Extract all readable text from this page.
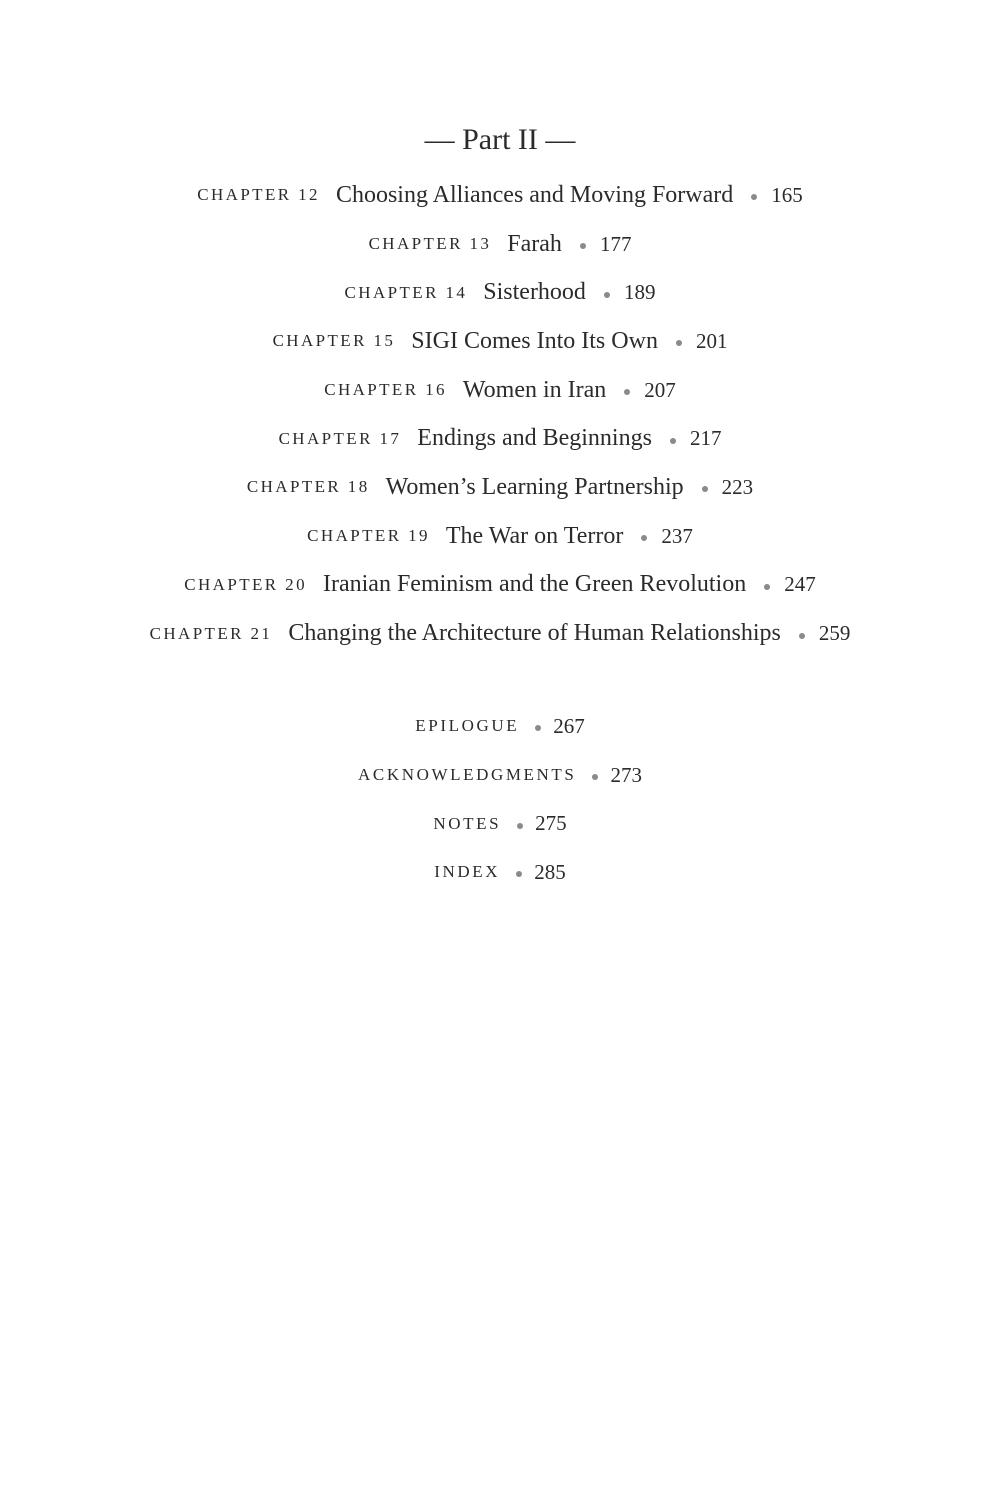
— Part II —
CHAPTER 12 Choosing Alliances and Moving Forward 165
CHAPTER 13 Farah 177
CHAPTER 14 Sisterhood 189
CHAPTER 15 SIGI Comes Into Its Own 201
CHAPTER 16 Women in Iran 207
CHAPTER 17 Endings and Beginnings 217
CHAPTER 18 Women’s Learning Partnership 223
CHAPTER 19 The War on Terror 237
CHAPTER 20 Iranian Feminism and the Green Revolution 247
CHAPTER 21 Changing the Architecture of Human Relationships 259
EPILOGUE 267
ACKNOWLEDGMENTS 273
NOTES 275
INDEX 285
